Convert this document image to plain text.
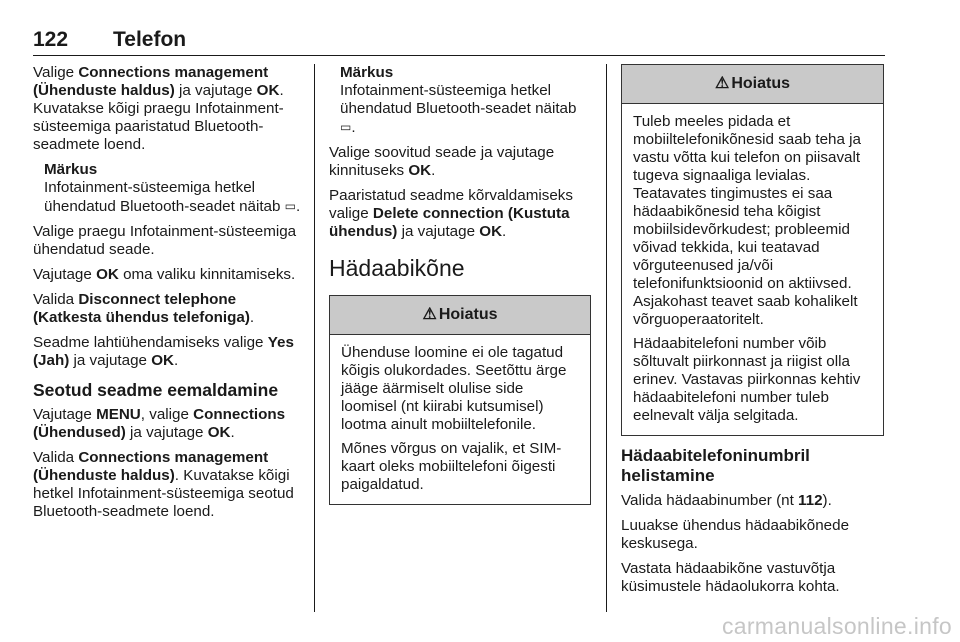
122 Telefon

Valige Connections management (Ühenduste haldus) ja vajutage OK. Kuvatakse kõigi praegu Infotainment-süsteemiga paaristatud Bluetooth-seadmete loend.

Märkus
Infotainment-süsteemiga hetkel ühendatud Bluetooth-seadet näitab ▭.

Valige praegu Infotainment-süsteemiga ühendatud seade.

Vajutage OK oma valiku kinnitamiseks.

Valida Disconnect telephone (Katkesta ühendus telefoniga).

Seadme lahtiühendamiseks valige Yes (Jah) ja vajutage OK.

Seotud seadme eemaldamine

Vajutage MENU, valige Connections (Ühendused) ja vajutage OK.

Valida Connections management (Ühenduste haldus). Kuvatakse kõigi hetkel Infotainment-süsteemiga seotud Bluetooth-seadmete loend.

Märkus
Infotainment-süsteemiga hetkel ühendatud Bluetooth-seadet näitab ▭.

Valige soovitud seade ja vajutage kinnituseks OK.

Paaristatud seadme kõrvaldamiseks valige Delete connection (Kustuta ühendus) ja vajutage OK.

Hädaabikõne
⚠ Hoiatus

Ühenduse loomine ei ole tagatud kõigis olukordades. Seetõttu ärge jääge äärmiselt olulise side loomisel (nt kiirabi kutsumisel) lootma ainult mobiiltelefonile.

Mõnes võrgus on vajalik, et SIM-kaart oleks mobiiltelefoni õigesti paigaldatud.

⚠ Hoiatus

Tuleb meeles pidada et mobiiltelefonikõnesid saab teha ja vastu võtta kui telefon on piisavalt tugeva signaaliga levialas. Teatavates tingimustes ei saa hädaabikõnesid teha kõigist mobiilsidevõrkudest; probleemid võivad tekkida, kui teatavad võrguteenused ja/või telefonifunktsioonid on aktiivsed. Asjakohast teavet saab kohalikelt võrguoperaatoritelt.

Hädaabitelefoni number võib sõltuvalt piirkonnast ja riigist olla erinev. Vastavas piirkonnas kehtiv hädaabitelefoni number tuleb eelnevalt välja selgitada.

Hädaabitelefoninumbril helistamine

Valida hädaabinumber (nt 112).

Luuakse ühendus hädaabikõnede keskusega.

Vastata hädaabikõne vastuvõtja küsimustele hädaolukorra kohta.

carmanualsonline.info
